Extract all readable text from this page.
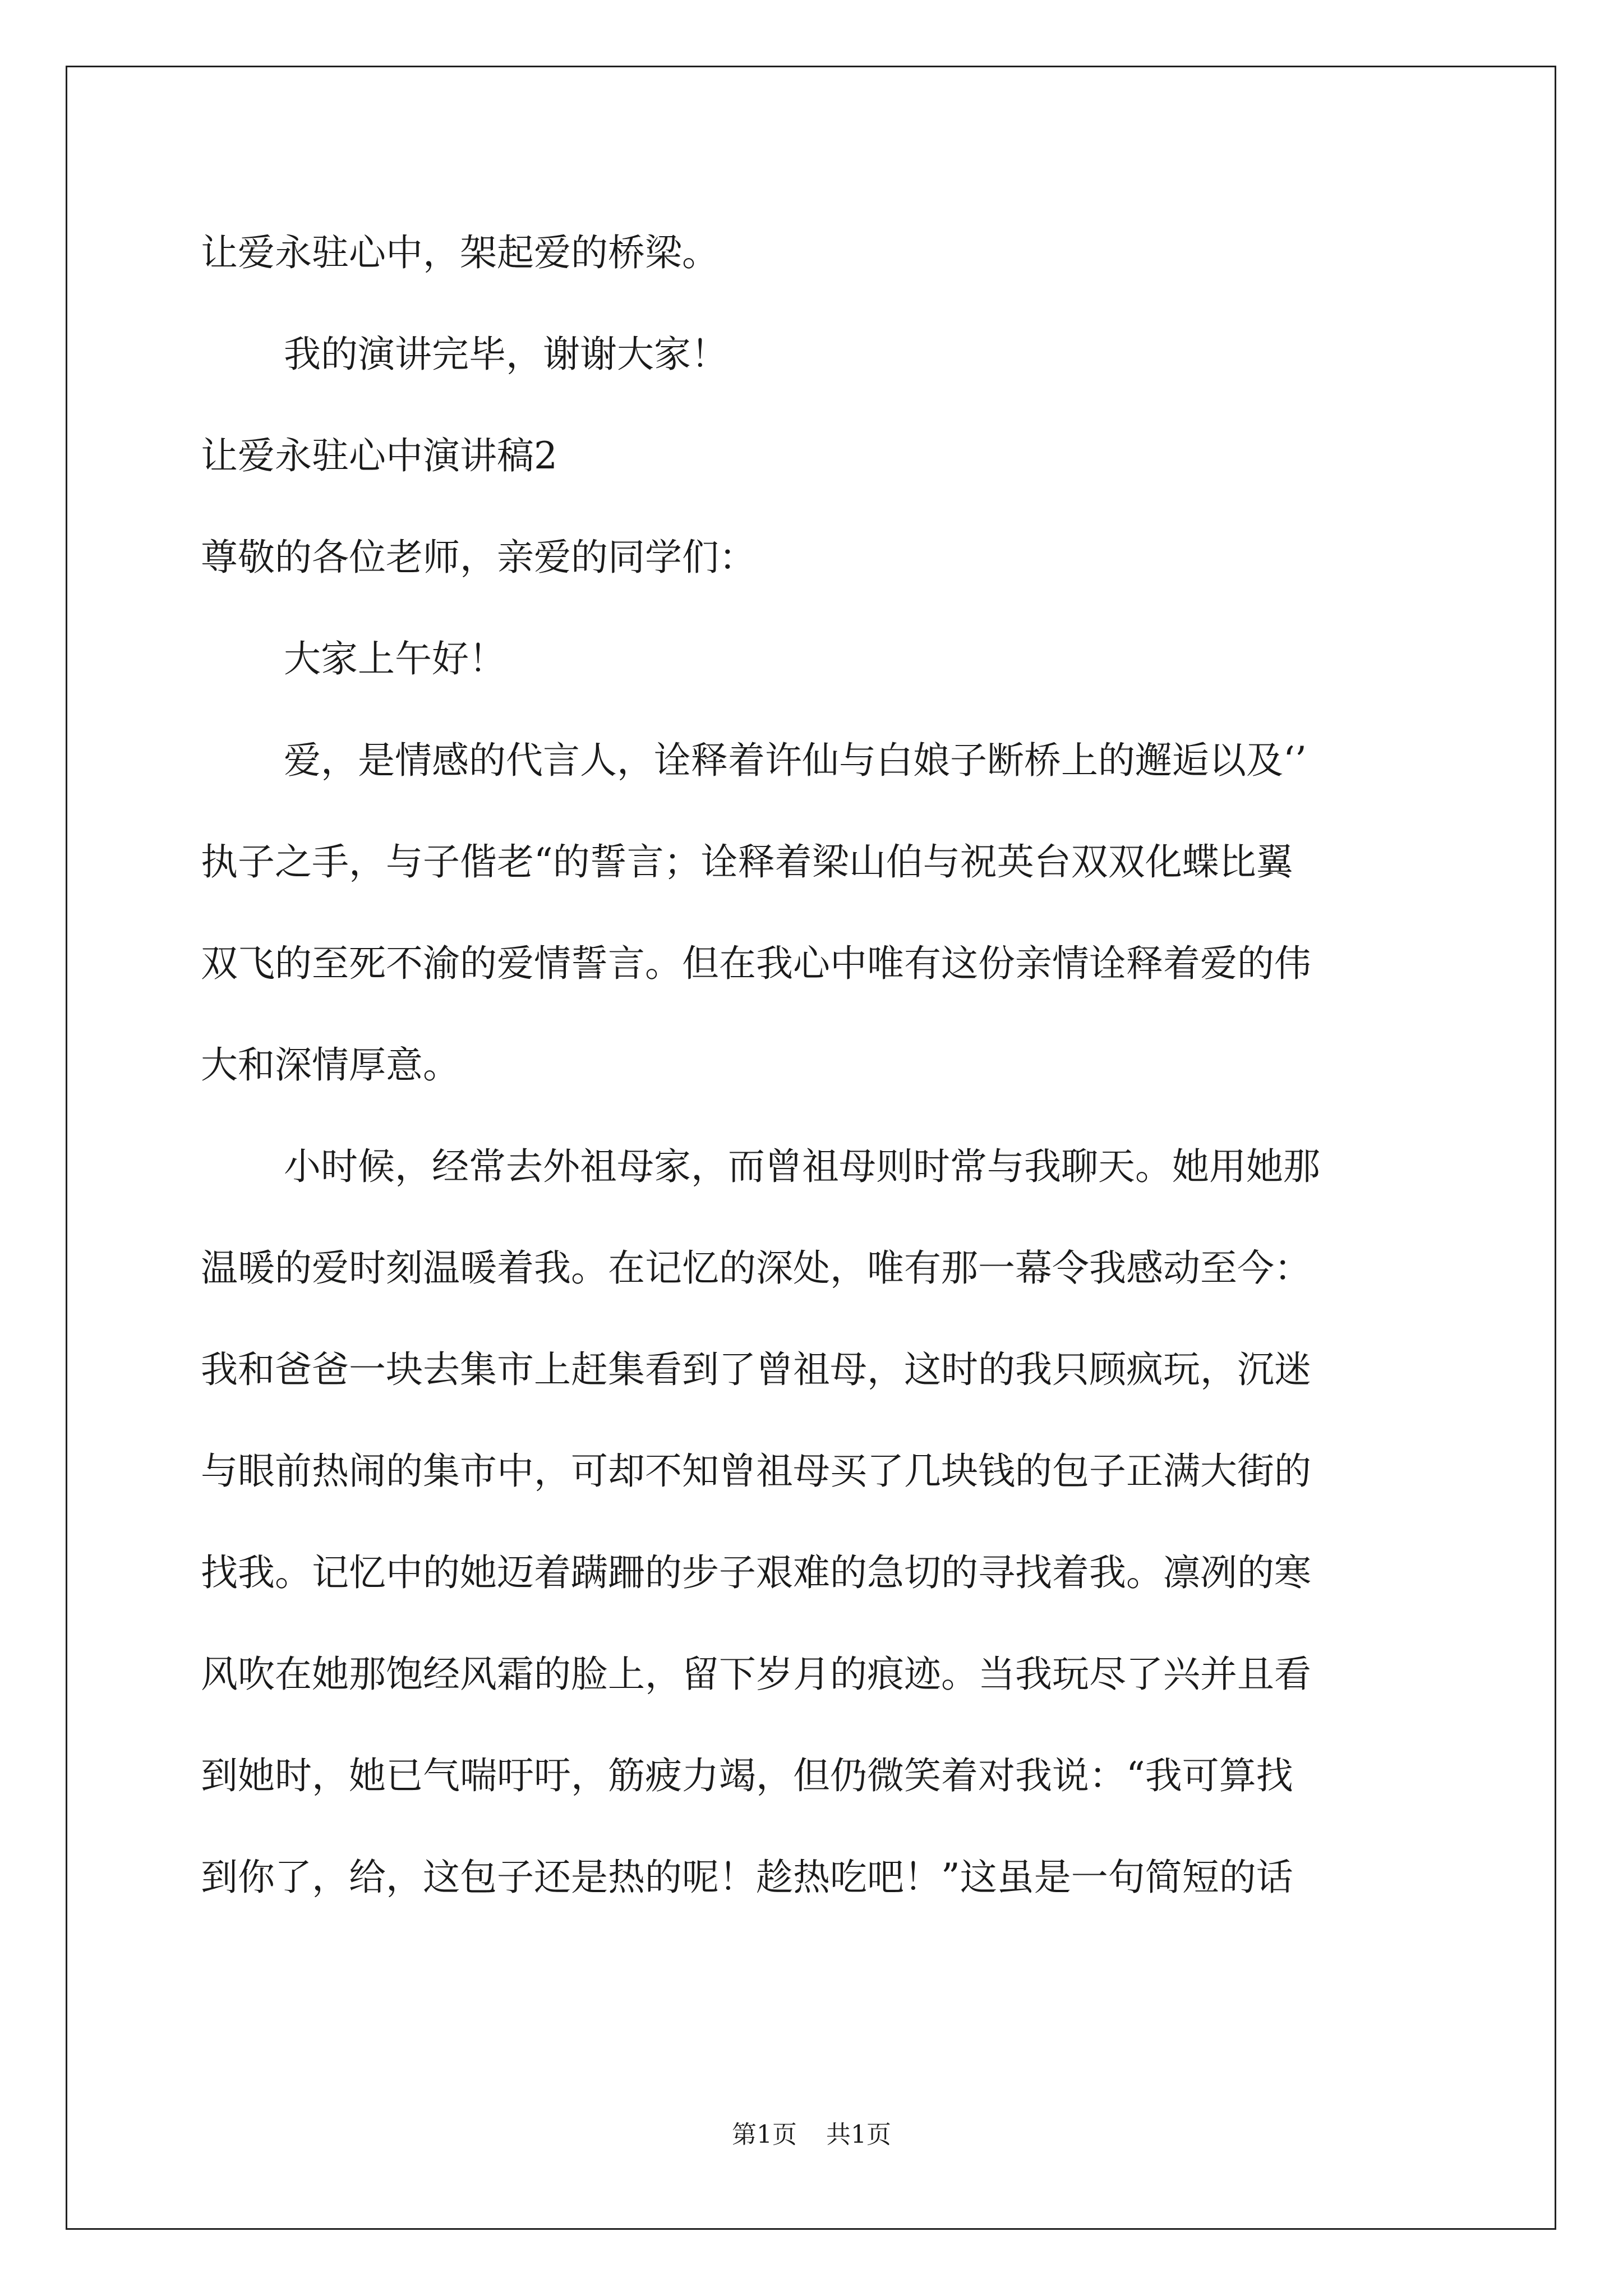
让爱永驻心中，架起爱的桥梁。

我的演讲完毕，谢谢大家！

让爱永驻心中演讲稿2

尊敬的各位老师，亲爱的同学们：

大家上午好！

爱，是情感的代言人，诠释着许仙与白娘子断桥上的邂逅以及‘’

执子之手，与子偕老“的誓言；诠释着梁山伯与祝英台双双化蝶比翼

双飞的至死不渝的爱情誓言。但在我心中唯有这份亲情诠释着爱的伟

大和深情厚意。

小时候，经常去外祖母家，而曾祖母则时常与我聊天。她用她那

温暖的爱时刻温暖着我。在记忆的深处，唯有那一幕令我感动至今：

我和爸爸一块去集市上赶集看到了曾祖母，这时的我只顾疯玩，沉迷

与眼前热闹的集市中，可却不知曾祖母买了几块钱的包子正满大街的

找我。记忆中的她迈着蹒跚的步子艰难的急切的寻找着我。凛冽的寒

风吹在她那饱经风霜的脸上，留下岁月的痕迹。当我玩尽了兴并且看

到她时，她已气喘吁吁，筋疲力竭，但仍微笑着对我说：“我可算找

到你了，给，这包子还是热的呢！趁热吃吧！”这虽是一句简短的话

第1页 共1页
